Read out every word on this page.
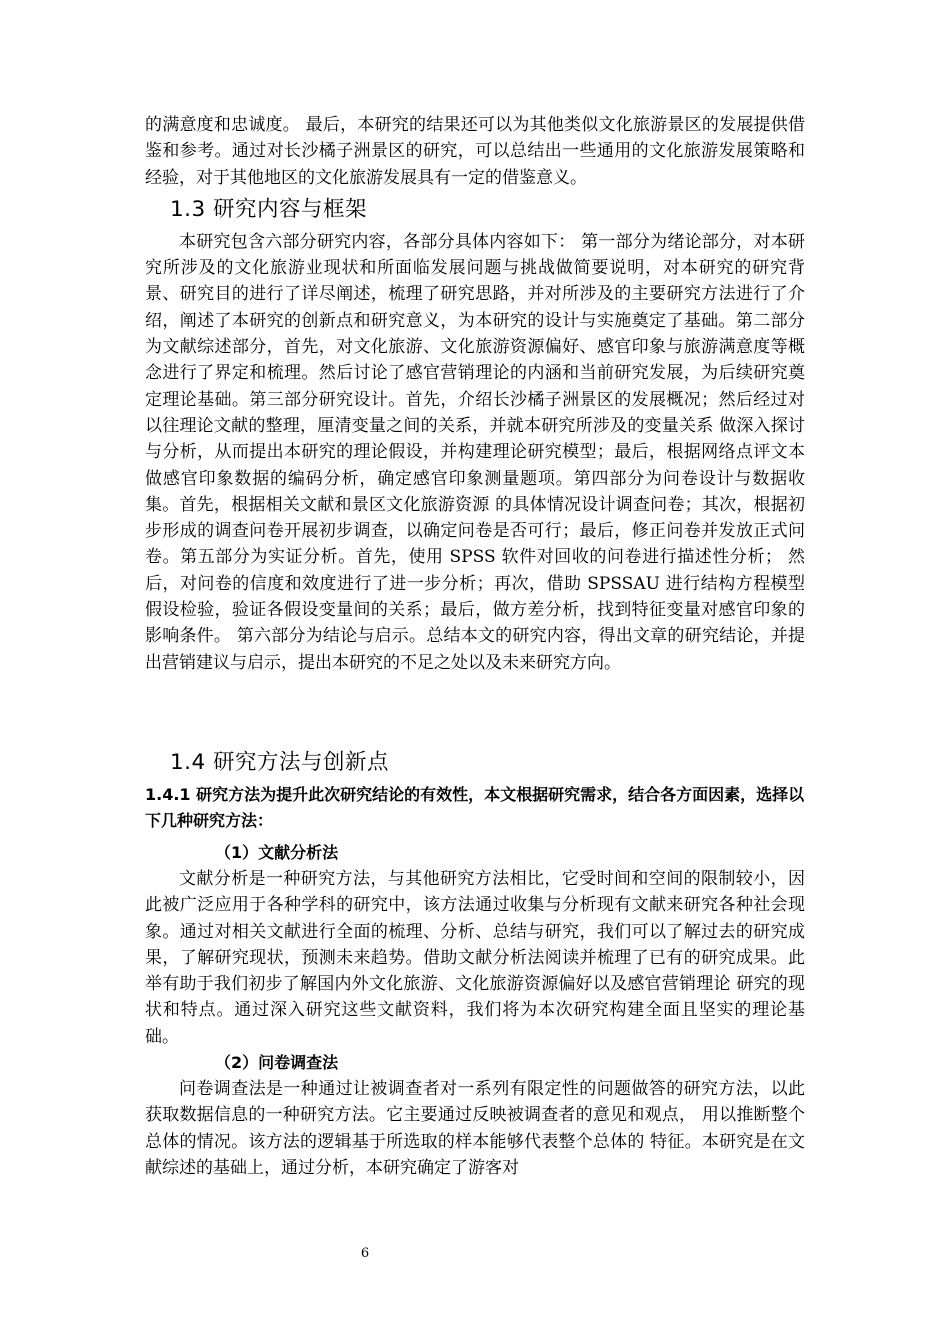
的满意度和忠诚度。 最后，本研究的结果还可以为其他类似文化旅游景区的发展提供借鉴和参考。通过对长沙橘子洲景区的研究，可以总结出一些通用的文化旅游发展策略和经验，对于其他地区的文化旅游发展具有一定的借鉴意义。

1.3 研究内容与框架

本研究包含六部分研究内容，各部分具体内容如下： 第一部分为绪论部分，对本研究所涉及的文化旅游业现状和所面临发展问题与挑战做简要说明，对本研究的研究背景、研究目的进行了详尽阐述，梳理了研究思路，并对所涉及的主要研究方法进行了介绍，阐述了本研究的创新点和研究意义，为本研究的设计与实施奠定了基础。第二部分为文献综述部分，首先，对文化旅游、文化旅游资源偏好、感官印象与旅游满意度等概念进行了界定和梳理。然后讨论了感官营销理论的内涵和当前研究发展，为后续研究奠定理论基础。第三部分研究设计。首先，介绍长沙橘子洲景区的发展概况；然后经过对以往理论文献的整理，厘清变量之间的关系，并就本研究所涉及的变量关系 做深入探讨与分析，从而提出本研究的理论假设，并构建理论研究模型；最后，根据网络点评文本做感官印象数据的编码分析，确定感官印象测量题项。第四部分为问卷设计与数据收集。首先，根据相关文献和景区文化旅游资源 的具体情况设计调查问卷；其次，根据初步形成的调查问卷开展初步调查，以确定问卷是否可行；最后，修正问卷并发放正式问卷。第五部分为实证分析。首先，使用 SPSS 软件对回收的问卷进行描述性分析； 然后，对问卷的信度和效度进行了进一步分析；再次，借助 SPSSAU 进行结构方程模型假设检验，验证各假设变量间的关系；最后，做方差分析，找到特征变量对感官印象的影响条件。 第六部分为结论与启示。总结本文的研究内容，得出文章的研究结论，并提出营销建议与启示，提出本研究的不足之处以及未来研究方向。

1.4 研究方法与创新点
1.4.1 研究方法为提升此次研究结论的有效性，本文根据研究需求，结合各方面因素，选择以下几种研究方法：
（1）文献分析法

文献分析是一种研究方法，与其他研究方法相比，它受时间和空间的限制较小，因此被广泛应用于各种学科的研究中，该方法通过收集与分析现有文献来研究各种社会现象。通过对相关文献进行全面的梳理、分析、总结与研究，我们可以了解过去的研究成果，了解研究现状，预测未来趋势。借助文献分析法阅读并梳理了已有的研究成果。此举有助于我们初步了解国内外文化旅游、文化旅游资源偏好以及感官营销理论 研究的现状和特点。通过深入研究这些文献资料，我们将为本次研究构建全面且坚实的理论基础。

（2）问卷调查法

问卷调查法是一种通过让被调查者对一系列有限定性的问题做答的研究方法，以此获取数据信息的一种研究方法。它主要通过反映被调查者的意见和观点， 用以推断整个总体的情况。该方法的逻辑基于所选取的样本能够代表整个总体的 特征。本研究是在文献综述的基础上，通过分析，本研究确定了游客对

6
